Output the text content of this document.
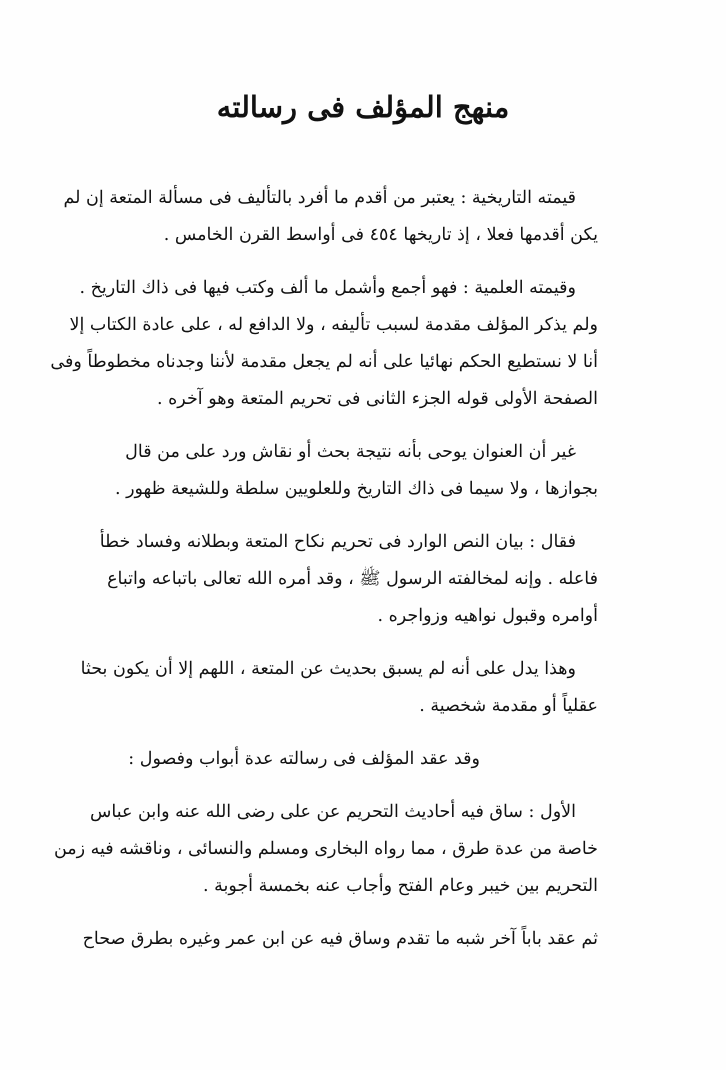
منهج المؤلف فى رسالته
قيمته التاريخية : يعتبر من أقدم ما أفرد بالتأليف فى مسألة المتعة إن لم
يكن أقدمها فعلا ، إذ تاريخها ٤٥٤ فى أواسط القرن الخامس .
وقيمته العلمية : فهو أجمع وأشمل ما ألف وكتب فيها فى ذاك التاريخ .
ولم يذكر المؤلف مقدمة لسبب تأليفه ، ولا الدافع له ، على عادة الكتاب إلا
أنا لا نستطيع الحكم نهائيا على أنه لم يجعل مقدمة لأننا وجدناه مخطوطاً وفى
الصفحة الأولى قوله الجزء الثانى فى تحريم المتعة وهو آخره .
غير أن العنوان يوحى بأنه نتيجة بحث أو نقاش ورد على من قال
بجوازها ، ولا سيما فى ذاك التاريخ وللعلويين سلطة وللشيعة ظهور .
فقال : بيان النص الوارد فى تحريم نكاح المتعة وبطلانه وفساد خطأ
فاعله . وإنه لمخالفته الرسول ﷺ ، وقد أمره الله تعالى باتباعه واتباع
أوامره وقبول نواهيه وزواجره .
وهذا يدل على أنه لم يسبق بحديث عن المتعة ، اللهم إلا أن يكون بحثا
عقلياً أو مقدمة شخصية .
وقد عقد المؤلف فى رسالته عدة أبواب وفصول :
الأول : ساق فيه أحاديث التحريم عن على رضى الله عنه وابن عباس
خاصة من عدة طرق ، مما رواه البخارى ومسلم والنسائى ، وناقشه فيه زمن
التحريم بين خيبر وعام الفتح وأجاب عنه بخمسة أجوبة .
ثم عقد باباً آخر شبه ما تقدم وساق فيه عن ابن عمر وغيره بطرق صحاح
